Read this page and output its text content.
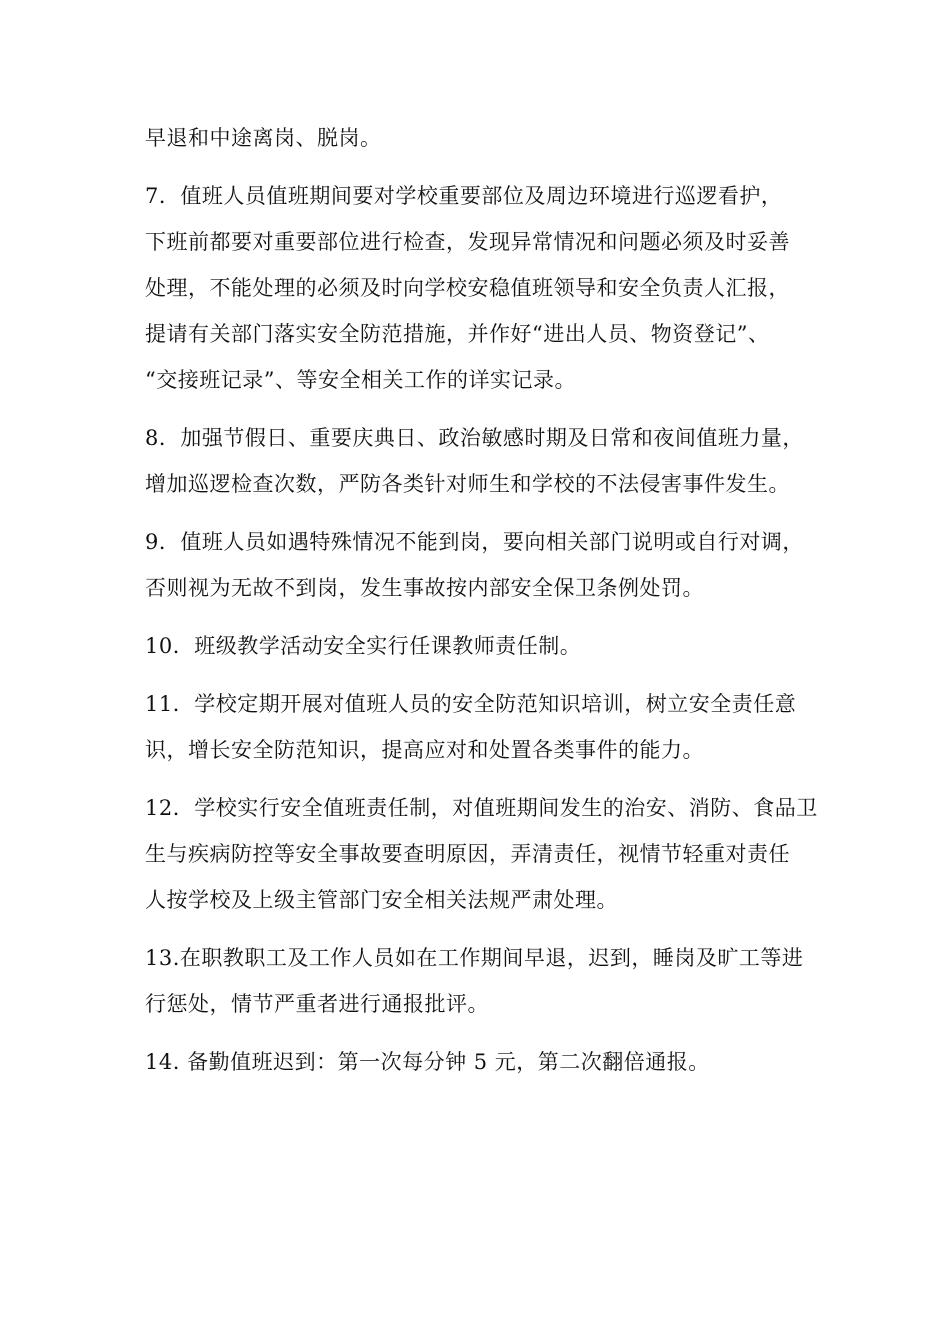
早退和中途离岗、脱岗。

7．值班人员值班期间要对学校重要部位及周边环境进行巡逻看护，
下班前都要对重要部位进行检查，发现异常情况和问题必须及时妥善
处理，不能处理的必须及时向学校安稳值班领导和安全负责人汇报，
提请有关部门落实安全防范措施，并作好“进出人员、物资登记”、
“交接班记录”、等安全相关工作的详实记录。

8．加强节假日、重要庆典日、政治敏感时期及日常和夜间值班力量，
增加巡逻检查次数，严防各类针对师生和学校的不法侵害事件发生。

9．值班人员如遇特殊情况不能到岗，要向相关部门说明或自行对调，
否则视为无故不到岗，发生事故按内部安全保卫条例处罚。

10．班级教学活动安全实行任课教师责任制。

11．学校定期开展对值班人员的安全防范知识培训，树立安全责任意
识，增长安全防范知识，提高应对和处置各类事件的能力。

12．学校实行安全值班责任制，对值班期间发生的治安、消防、食品卫
生与疾病防控等安全事故要查明原因，弄清责任，视情节轻重对责任
人按学校及上级主管部门安全相关法规严肃处理。

13.在职教职工及工作人员如在工作期间早退，迟到，睡岗及旷工等进
行惩处，情节严重者进行通报批评。

14. 备勤值班迟到：第一次每分钟 5 元，第二次翻倍通报。
